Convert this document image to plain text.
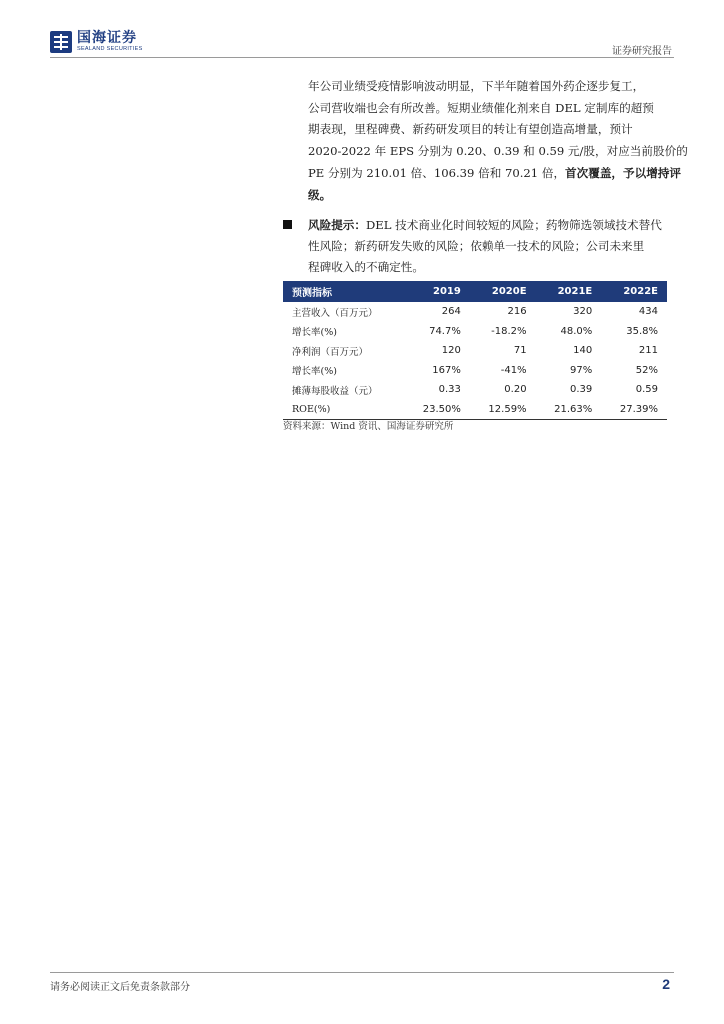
国海证券
SEALAND SECURITIES	证券研究报告
年公司业绩受疫情影响波动明显，下半年随着国外药企逐步复工，
公司营收端也会有所改善。短期业绩催化剂来自 DEL 定制库的超预
期表现，里程碑费、新药研发项目的转让有望创造高增量，预计
2020-2022 年 EPS 分别为 0.20、0.39 和 0.59 元/股，对应当前股价的
PE 分别为 210.01 倍、106.39 倍和 70.21 倍，首次覆盖，予以增持评
级。
风险提示：DEL 技术商业化时间较短的风险；药物筛选领域技术替代
性风险；新药研发失败的风险；依赖单一技术的风险；公司未来里
程碑收入的不确定性。
预测指标	2019	2020E	2021E	2022E
主营收入（百万元）	264	216	320	434
增长率(%)	74.7%	-18.2%	48.0%	35.8%
净利润（百万元）	120	71	140	211
增长率(%)	167%	-41%	97%	52%
摊薄每股收益（元）	0.33	0.20	0.39	0.59
ROE(%)	23.50%	12.59%	21.63%	27.39%
资料来源：Wind 资讯、国海证券研究所
请务必阅读正文后免责条款部分	2
